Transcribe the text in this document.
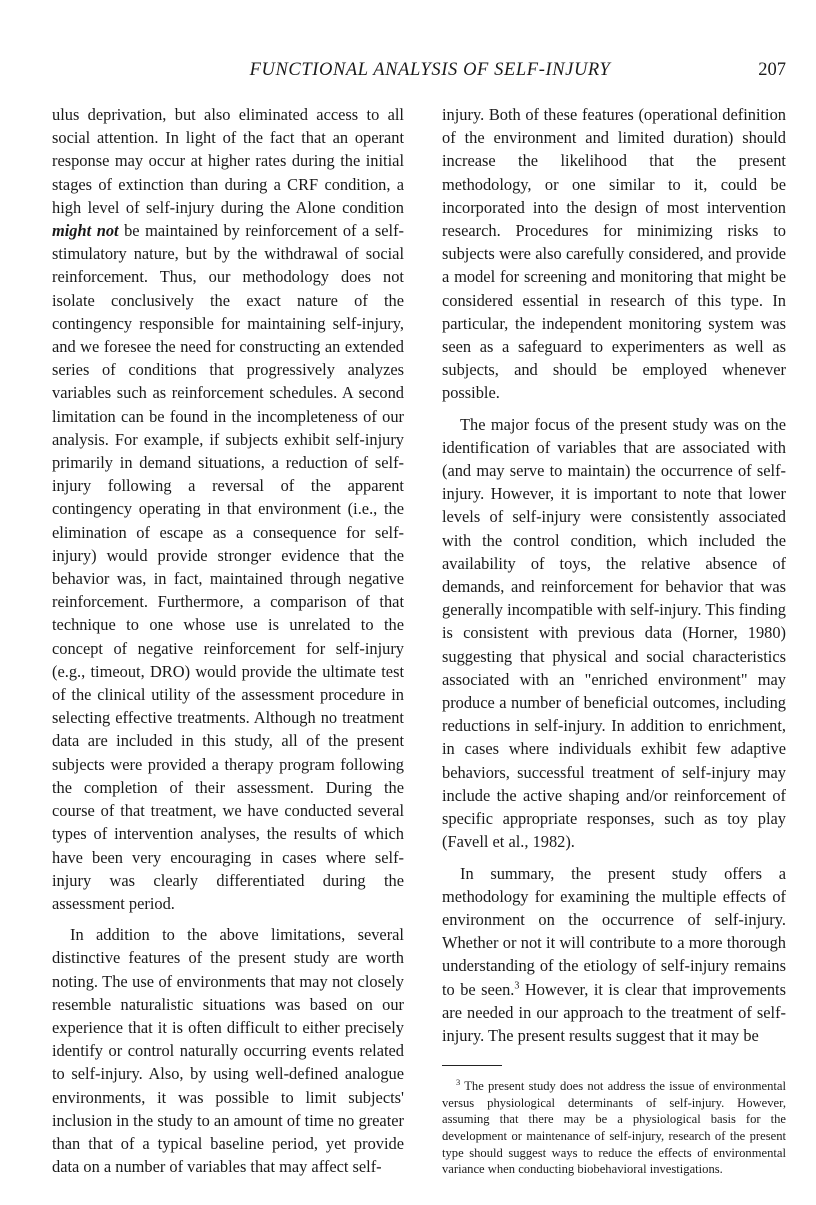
FUNCTIONAL ANALYSIS OF SELF-INJURY	207

ulus deprivation, but also eliminated access to all social attention. In light of the fact that an operant response may occur at higher rates during the initial stages of extinction than during a CRF condition, a high level of self-injury during the Alone condition might not be maintained by reinforcement of a self-stimulatory nature, but by the withdrawal of social reinforcement. Thus, our methodology does not isolate conclusively the exact nature of the contingency responsible for maintaining self-injury, and we foresee the need for constructing an extended series of conditions that progressively analyzes variables such as reinforcement schedules. A second limitation can be found in the incompleteness of our analysis. For example, if subjects exhibit self-injury primarily in demand situations, a reduction of self-injury following a reversal of the apparent contingency operating in that environment (i.e., the elimination of escape as a consequence for self-injury) would provide stronger evidence that the behavior was, in fact, maintained through negative reinforcement. Furthermore, a comparison of that technique to one whose use is unrelated to the concept of negative reinforcement for self-injury (e.g., timeout, DRO) would provide the ultimate test of the clinical utility of the assessment procedure in selecting effective treatments. Although no treatment data are included in this study, all of the present subjects were provided a therapy program following the completion of their assessment. During the course of that treatment, we have conducted several types of intervention analyses, the results of which have been very encouraging in cases where self-injury was clearly differentiated during the assessment period.

In addition to the above limitations, several distinctive features of the present study are worth noting. The use of environments that may not closely resemble naturalistic situations was based on our experience that it is often difficult to either precisely identify or control naturally occurring events related to self-injury. Also, by using well-defined analogue environments, it was possible to limit subjects' inclusion in the study to an amount of time no greater than that of a typical baseline period, yet provide data on a number of variables that may affect self-

injury. Both of these features (operational definition of the environment and limited duration) should increase the likelihood that the present methodology, or one similar to it, could be incorporated into the design of most intervention research. Procedures for minimizing risks to subjects were also carefully considered, and provide a model for screening and monitoring that might be considered essential in research of this type. In particular, the independent monitoring system was seen as a safeguard to experimenters as well as subjects, and should be employed whenever possible.

The major focus of the present study was on the identification of variables that are associated with (and may serve to maintain) the occurrence of self-injury. However, it is important to note that lower levels of self-injury were consistently associated with the control condition, which included the availability of toys, the relative absence of demands, and reinforcement for behavior that was generally incompatible with self-injury. This finding is consistent with previous data (Horner, 1980) suggesting that physical and social characteristics associated with an "enriched environment" may produce a number of beneficial outcomes, including reductions in self-injury. In addition to enrichment, in cases where individuals exhibit few adaptive behaviors, successful treatment of self-injury may include the active shaping and/or reinforcement of specific appropriate responses, such as toy play (Favell et al., 1982).

In summary, the present study offers a methodology for examining the multiple effects of environment on the occurrence of self-injury. Whether or not it will contribute to a more thorough understanding of the etiology of self-injury remains to be seen.$^3$ However, it is clear that improvements are needed in our approach to the treatment of self-injury. The present results suggest that it may be

$^3$ The present study does not address the issue of environmental versus physiological determinants of self-injury. However, assuming that there may be a physiological basis for the development or maintenance of self-injury, research of the present type should suggest ways to reduce the effects of environmental variance when conducting biobehavioral investigations.
